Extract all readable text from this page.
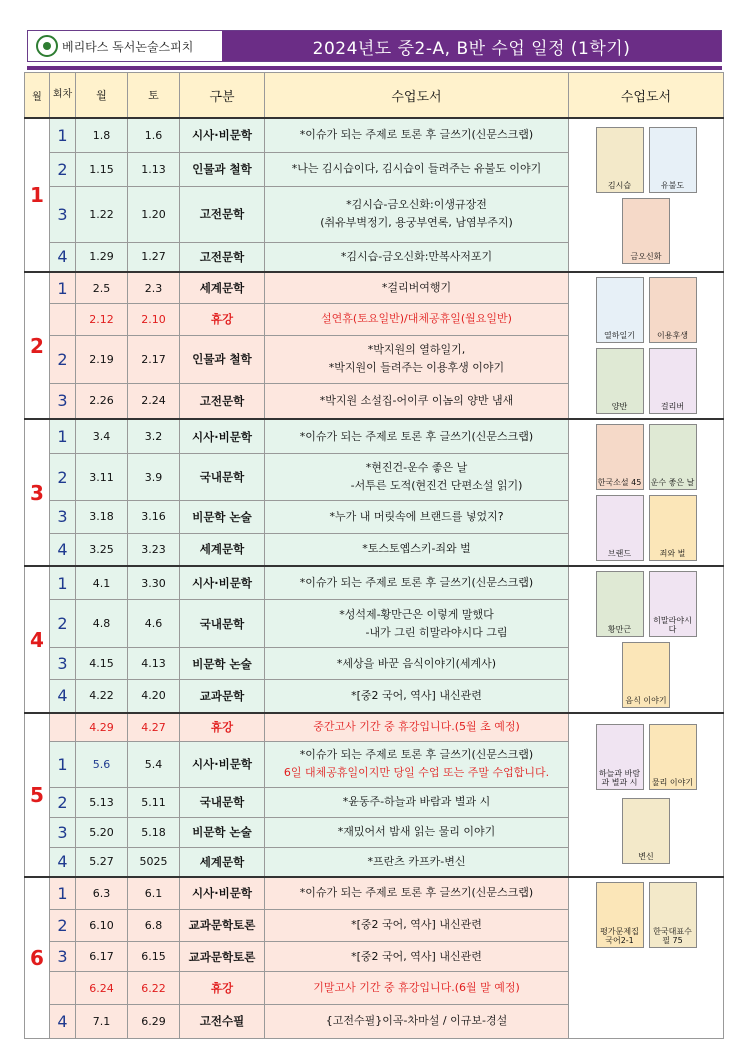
베리타스 독서논술스피치	2024년도 중2-A, B반 수업 일정 (1학기)
월	회차	월	토	구분	수업도서	수업도서
1	1	1.8	1.6	시사·비문학	*이슈가 되는 주제로 토론 후 글쓰기(신문스크랩)	김시습 유불도
금오신화

	2	1.15	1.13	인물과 철학	*나는 김시습이다, 김시습이 들려주는 유불도 이야기	

	3	1.22	1.20	고전문학	*김시습-금오신화:이생규장전
(취유부벽정기, 용궁부연록, 남염부주지)	

	4	1.29	1.27	고전문학	*김시습-금오신화:만복사저포기	

2	1	2.5	2.3	세계문학	*걸리버여행기	열하일기 이용후생
양반 걸리버

		2.12	2.10	휴강	설연휴(토요일반)/대체공휴일(월요일반)	

	2	2.19	2.17	인물과 철학	*박지원의 열하일기,
*박지원이 들려주는 이용후생 이야기	

	3	2.26	2.24	고전문학	*박지원 소설집-어이쿠 이놈의 양반 냄새	

3	1	3.4	3.2	시사·비문학	*이슈가 되는 주제로 토론 후 글쓰기(신문스크랩)	한국소설 45 운수 좋은 날
브랜드 죄와 벌

	2	3.11	3.9	국내문학	*현진건-운수 좋은 날
-서투른 도적(현진건 단편소설 읽기)	

	3	3.18	3.16	비문학 논술	*누가 내 머릿속에 브랜드를 넣었지?	

	4	3.25	3.23	세계문학	*토스토옙스키-죄와 벌	

4	1	4.1	3.30	시사·비문학	*이슈가 되는 주제로 토론 후 글쓰기(신문스크랩)	황만근
히말라야시다
음식 이야기

	2	4.8	4.6	국내문학	*성석제-황만근은 이렇게 말했다
-내가 그린 히말라야시다 그림	

	3	4.15	4.13	비문학 논술	*세상을 바꾼 음식이야기(세계사)	

	4	4.22	4.20	교과문학	*[중2 국어, 역사] 내신관련	

5		4.29	4.27	휴강	중간고사 기간 중 휴강입니다.(5월 초 예정)	하늘과 바람과 별과 시 물리 이야기
변신

	1	5.6	5.4	시사·비문학	*이슈가 되는 주제로 토론 후 글쓰기(신문스크랩)
6일 대체공휴일이지만 당일 수업 또는 주말 수업합니다.	

	2	5.13	5.11	국내문학	*윤동주-하늘과 바람과 별과 시	

	3	5.20	5.18	비문학 논술	*재밌어서 밤새 읽는 물리 이야기	

	4	5.27	5025	세계문학	*프란츠 카프카-변신	

6	1	6.3	6.1	시사·비문학	*이슈가 되는 주제로 토론 후 글쓰기(신문스크랩)	평가문제집 국어2-1
한국대표수필 75

	2	6.10	6.8	교과문학토론	*[중2 국어, 역사] 내신관련	

	3	6.17	6.15	교과문학토론	*[중2 국어, 역사] 내신관련	

		6.24	6.22	휴강	기말고사 기간 중 휴강입니다.(6월 말 예정)	

	4	7.1	6.29	고전수필	{고전수필}이곡-차마설 / 이규보-경설	
